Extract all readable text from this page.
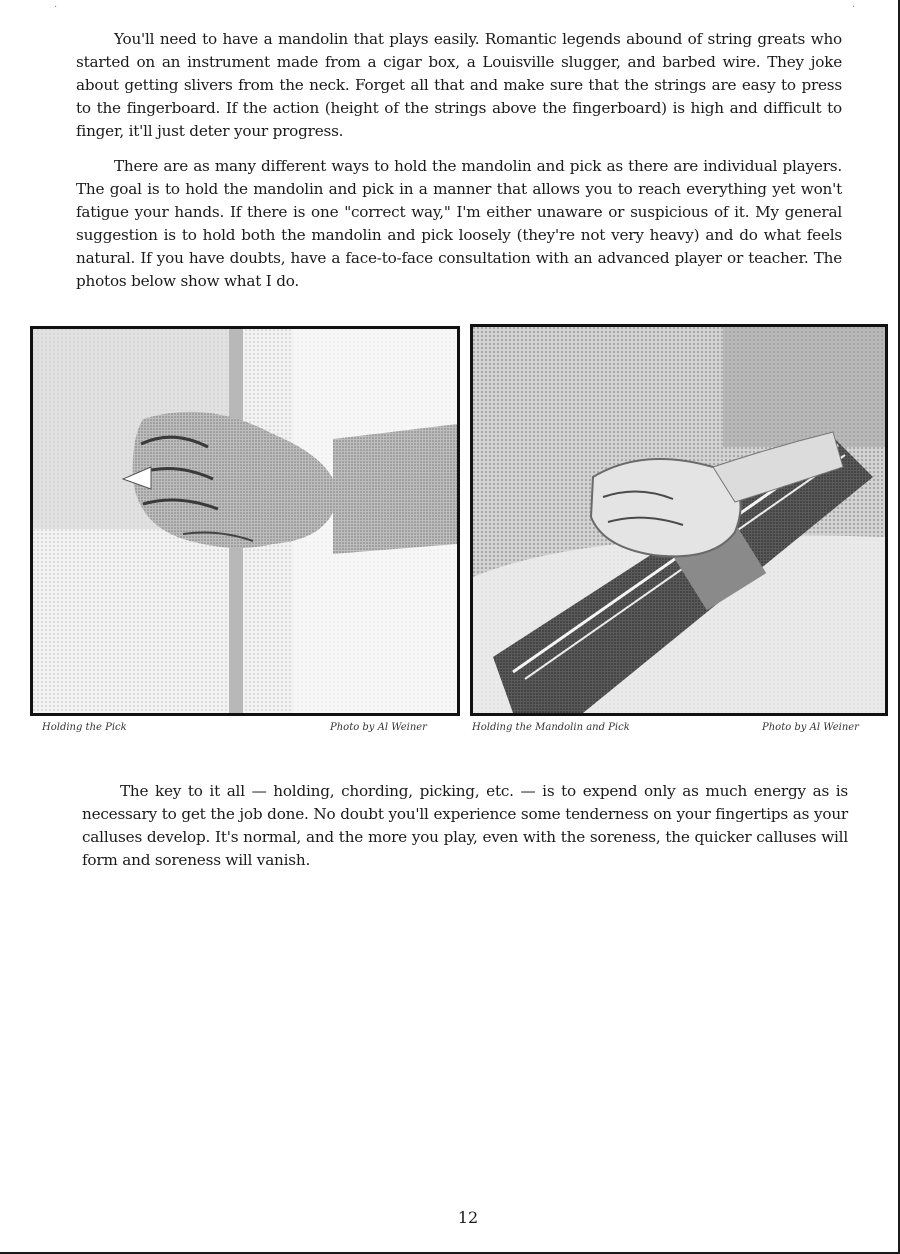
·	·

You'll need to have a mandolin that plays easily. Romantic legends abound of string greats who started on an instrument made from a cigar box, a Louisville slugger, and barbed wire. They joke about getting slivers from the neck. Forget all that and make sure that the strings are easy to press to the fingerboard. If the action (height of the strings above the fingerboard) is high and difficult to finger, it'll just deter your progress.

There are as many different ways to hold the mandolin and pick as there are individual players. The goal is to hold the mandolin and pick in a manner that allows you to reach everything yet won't fatigue your hands. If there is one "correct way," I'm either unaware or suspicious of it. My general suggestion is to hold both the mandolin and pick loosely (they're not very heavy) and do what feels natural. If you have doubts, have a face-to-face consultation with an advanced player or teacher. The photos below show what I do.

Holding the Pick	Photo by Al Weiner	Holding the Mandolin and Pick	Photo by Al Weiner

The key to it all — holding, chording, picking, etc. — is to expend only as much energy as is necessary to get the job done. No doubt you'll experience some tenderness on your fingertips as your calluses develop. It's normal, and the more you play, even with the soreness, the quicker calluses will form and soreness will vanish.

12
